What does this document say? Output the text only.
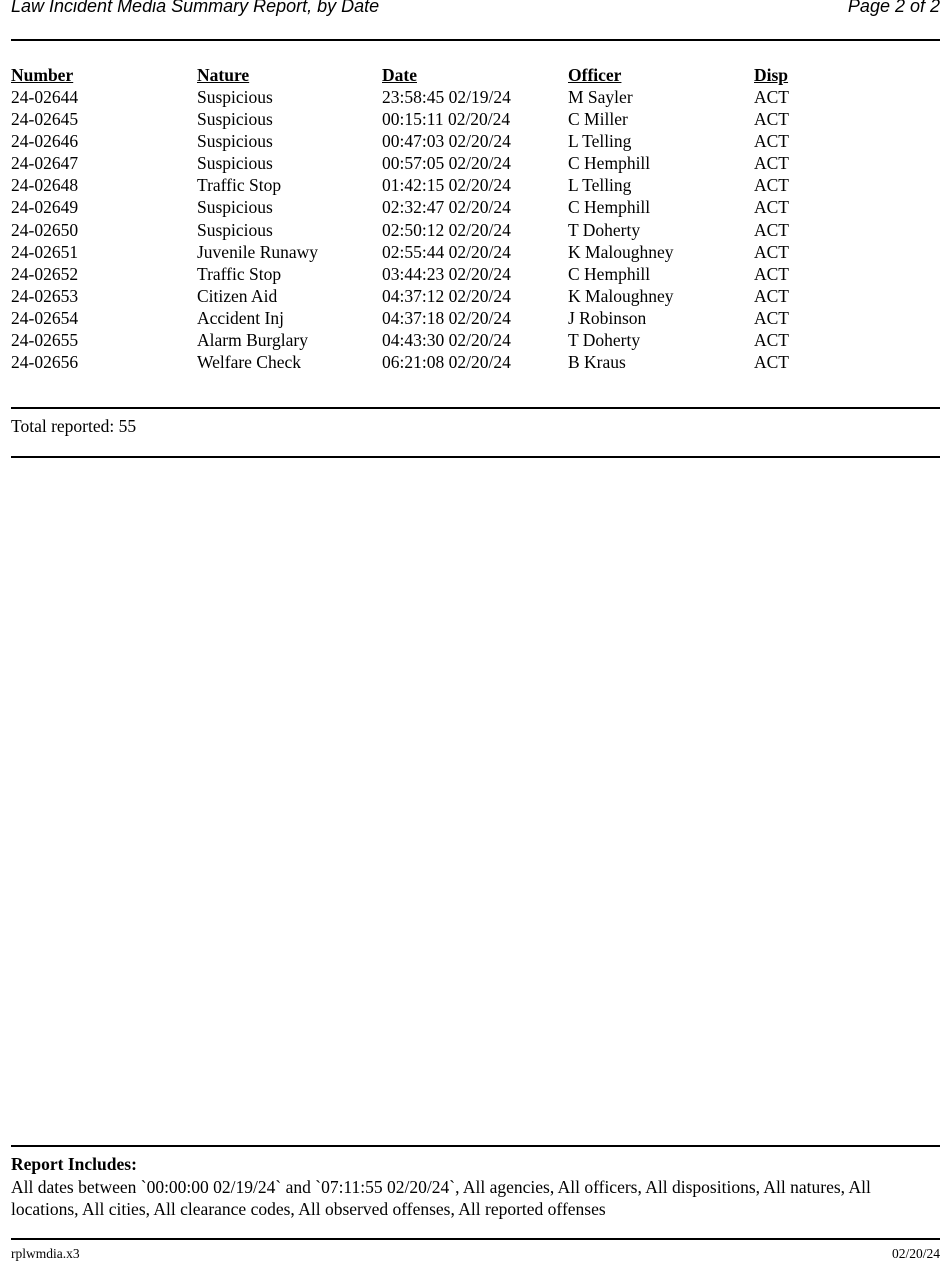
Law Incident Media Summary Report, by Date	Page 2 of 2
Number	Nature	Date	Officer	Disp
24-02644	Suspicious	23:58:45 02/19/24	M Sayler	ACT
24-02645	Suspicious	00:15:11 02/20/24	C Miller	ACT
24-02646	Suspicious	00:47:03 02/20/24	L Telling	ACT
24-02647	Suspicious	00:57:05 02/20/24	C Hemphill	ACT
24-02648	Traffic Stop	01:42:15 02/20/24	L Telling	ACT
24-02649	Suspicious	02:32:47 02/20/24	C Hemphill	ACT
24-02650	Suspicious	02:50:12 02/20/24	T Doherty	ACT
24-02651	Juvenile Runawy	02:55:44 02/20/24	K Maloughney	ACT
24-02652	Traffic Stop	03:44:23 02/20/24	C Hemphill	ACT
24-02653	Citizen Aid	04:37:12 02/20/24	K Maloughney	ACT
24-02654	Accident Inj	04:37:18 02/20/24	J Robinson	ACT
24-02655	Alarm Burglary	04:43:30 02/20/24	T Doherty	ACT
24-02656	Welfare Check	06:21:08 02/20/24	B Kraus	ACT
Total reported: 55
Report Includes:
All dates between `00:00:00 02/19/24` and `07:11:55 02/20/24`, All agencies, All officers, All dispositions, All natures, All locations, All cities, All clearance codes, All observed offenses, All reported offenses
rplwmdia.x3	02/20/24
